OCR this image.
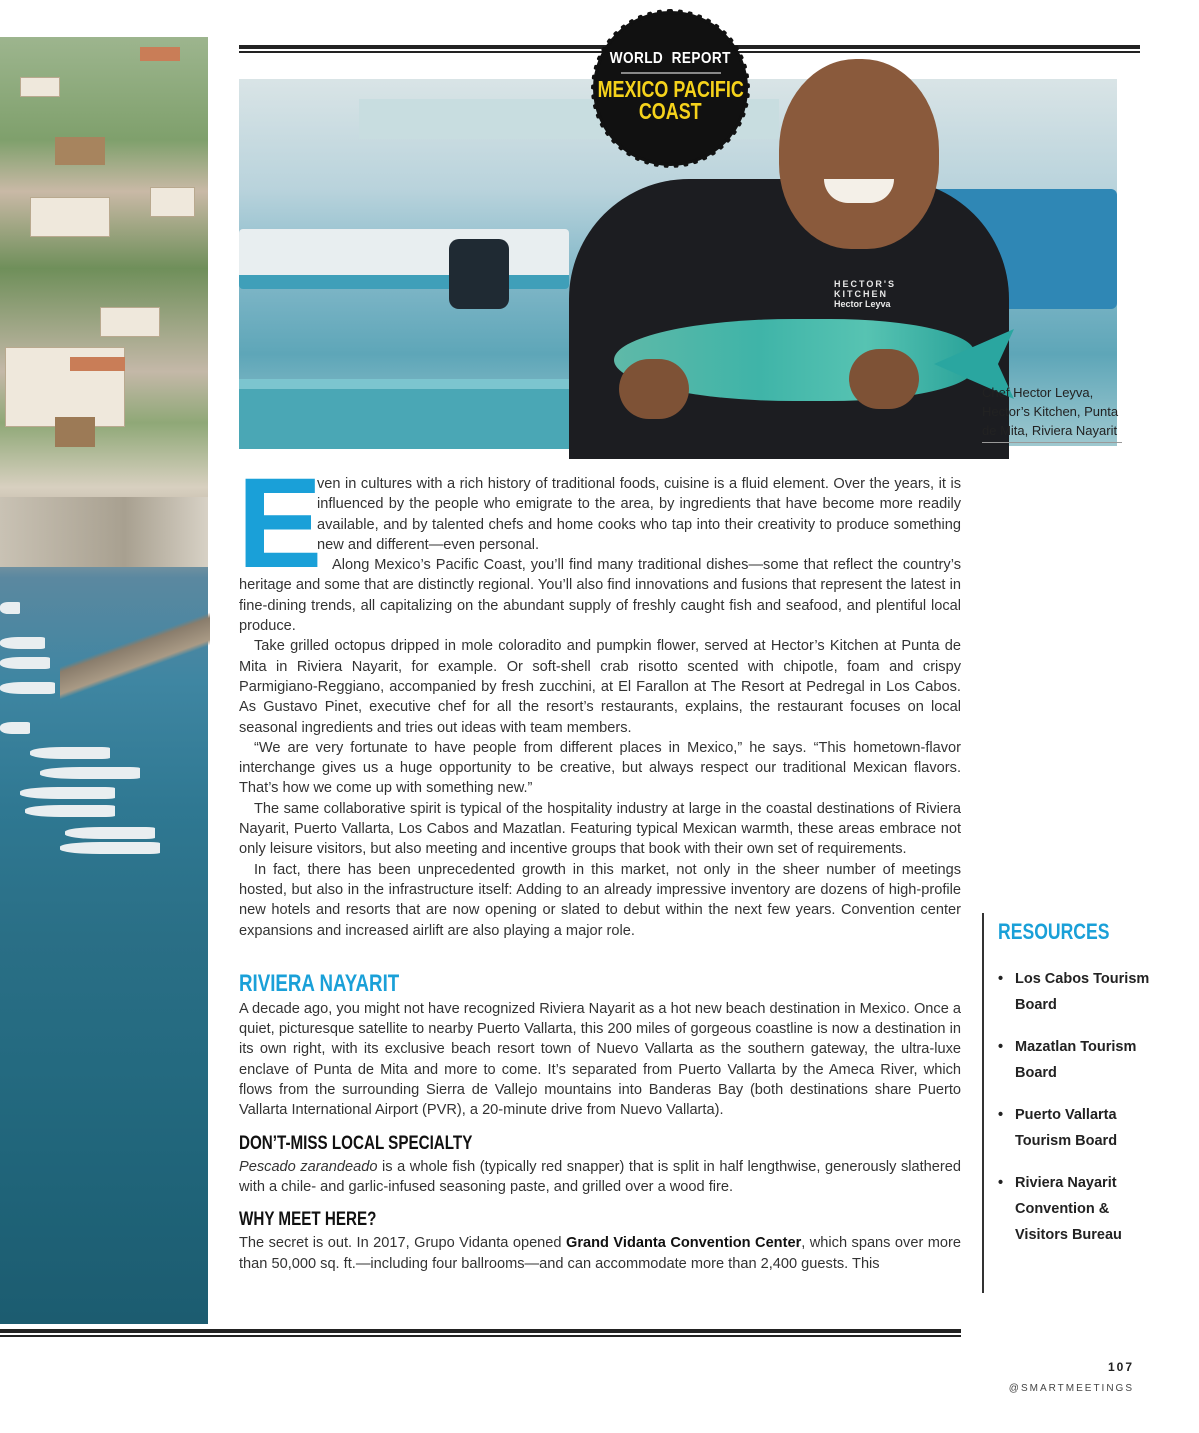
HECTOR'S
KITCHEN
Hector Leyva
WORLD  REPORT
MEXICO PACIFIC
COAST
Chef Hector Leyva, Hector’s Kitchen, Punta de Mita, Riviera Nayarit

E
ven in cultures with a rich history of traditional foods, cuisine is a fluid element. Over the years, it is influenced by the people who emigrate to the area, by ingredients that have become more readily available, and by talented chefs and home cooks who tap into their creativity to produce something new and different—even personal.

Along Mexico’s Pacific Coast, you’ll find many traditional dishes—some that reflect the country’s heritage and some that are distinctly regional. You’ll also find innovations and fusions that represent the latest in fine-dining trends, all capitalizing on the abundant supply of freshly caught fish and seafood, and plentiful local produce.

Take grilled octopus dripped in mole coloradito and pumpkin flower, served at Hector’s Kitchen at Punta de Mita in Riviera Nayarit, for example. Or soft-shell crab risotto scented with chipotle, foam and crispy Parmigiano-Reggiano, accompanied by fresh zucchini, at El Farallon at The Resort at Pedregal in Los Cabos. As Gustavo Pinet, executive chef for all the resort’s restaurants, explains, the restaurant focuses on local seasonal ingredients and tries out ideas with team members.

“We are very fortunate to have people from different places in Mexico,” he says. “This hometown-flavor interchange gives us a huge opportunity to be creative, but always respect our traditional Mexican flavors. That’s how we come up with something new.”

The same collaborative spirit is typical of the hospitality industry at large in the coastal destinations of Riviera Nayarit, Puerto Vallarta, Los Cabos and Mazatlan. Featuring typical Mexican warmth, these areas embrace not only leisure visitors, but also meeting and incentive groups that book with their own set of requirements.

In fact, there has been unprecedented growth in this market, not only in the sheer number of meetings hosted, but also in the infrastructure itself: Adding to an already impressive inventory are dozens of high-profile new hotels and resorts that are now opening or slated to debut within the next few years. Convention center expansions and increased airlift are also playing a major role.

RIVIERA NAYARIT

A decade ago, you might not have recognized Riviera Nayarit as a hot new beach destination in Mexico. Once a quiet, picturesque satellite to nearby Puerto Vallarta, this 200 miles of gorgeous coastline is now a destination in its own right, with its exclusive beach resort town of Nuevo Vallarta as the southern gateway, the ultra-luxe enclave of Punta de Mita and more to come. It’s separated from Puerto Vallarta by the Ameca River, which flows from the surrounding Sierra de Vallejo mountains into Banderas Bay (both destinations share Puerto Vallarta International Airport (PVR), a 20-minute drive from Nuevo Vallarta).

DON’T-MISS LOCAL SPECIALTY

Pescado zarandeado is a whole fish (typically red snapper) that is split in half lengthwise, generously slathered with a chile- and garlic-infused seasoning paste, and grilled over a wood fire.

WHY MEET HERE?

The secret is out. In 2017, Grupo Vidanta opened Grand Vidanta Convention Center, which spans over more than 50,000 sq. ft.—including four ballrooms—and can accommodate more than 2,400 guests. This

RESOURCES
• Los Cabos Tourism Board
• Mazatlan Tourism Board
• Puerto Vallarta Tourism Board
• Riviera Nayarit Convention & Visitors Bureau
107
@SMARTMEETINGS
